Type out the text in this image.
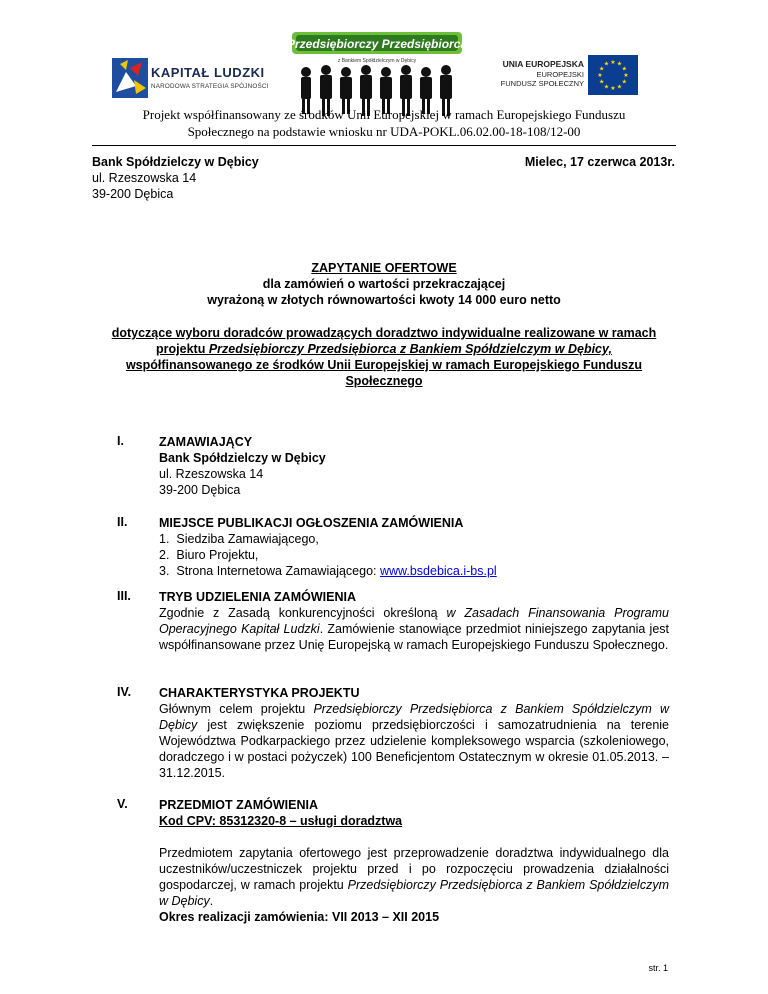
KAPITAŁ LUDZKI
NARODOWA STRATEGIA SPÓJNOŚCI
Przedsiębiorczy Przedsiębiorca
z Bankiem Spółdzielczym w Dębicy	UNIA EUROPEJSKA
EUROPEJSKI
FUNDUSZ SPOŁECZNY
★ ★
★
★
★
★
★
★
★
★
★
★
Projekt współfinansowany ze środków Unii Europejskiej w ramach Europejskiego Funduszu
Społecznego na podstawie wniosku nr UDA-POKL.06.02.00-18-108/12-00
Bank Spółdzielczy w Dębicy
ul. Rzeszowska 14
39-200 Dębica
Mielec, 17 czerwca 2013r.
ZAPYTANIE OFERTOWE
dla zamówień o wartości przekraczającej
wyrażoną w złotych równowartości kwoty 14 000 euro netto
dotyczące wyboru doradców prowadzących doradztwo indywidualne realizowane w ramach
projektu Przedsiębiorczy Przedsiębiorca z Bankiem Spółdzielczym w Dębicy,
współfinansowanego ze środków Unii Europejskiej w ramach Europejskiego Funduszu
Społecznego
I.	ZAMAWIAJĄCY
Bank Spółdzielczy w Dębicy
ul. Rzeszowska 14
39-200 Dębica
II.	MIEJSCE PUBLIKACJI OGŁOSZENIA ZAMÓWIENIA
1. Siedziba Zamawiającego,
2. Biuro Projektu,
3. Strona Internetowa Zamawiającego: www.bsdebica.i-bs.pl
III. TRYB UDZIELENIA ZAMÓWIENIA
Zgodnie z Zasadą konkurencyjności określoną w Zasadach Finansowania Programu Operacyjnego Kapitał Ludzki. Zamówienie stanowiące przedmiot niniejszego zapytania jest współfinansowane przez Unię Europejską w ramach Europejskiego Funduszu Społecznego.
IV. CHARAKTERYSTYKA PROJEKTU
Głównym celem projektu Przedsiębiorczy Przedsiębiorca z Bankiem Spółdzielczym w Dębicy jest zwiększenie poziomu przedsiębiorczości i samozatrudnienia na terenie Województwa Podkarpackiego przez udzielenie kompleksowego wsparcia (szkoleniowego, doradczego i w postaci pożyczek) 100 Beneficjentom Ostatecznym w okresie 01.05.2013. – 31.12.2015.
V.	PRZEDMIOT ZAMÓWIENIA
Kod CPV: 85312320-8 – usługi doradztwa
Przedmiotem zapytania ofertowego jest przeprowadzenie doradztwa indywidualnego dla uczestników/uczestniczek projektu przed i po rozpoczęciu prowadzenia działalności gospodarczej, w ramach projektu Przedsiębiorczy Przedsiębiorca z Bankiem Spółdzielczym w Dębicy.
Okres realizacji zamówienia: VII 2013 – XII 2015
str. 1
